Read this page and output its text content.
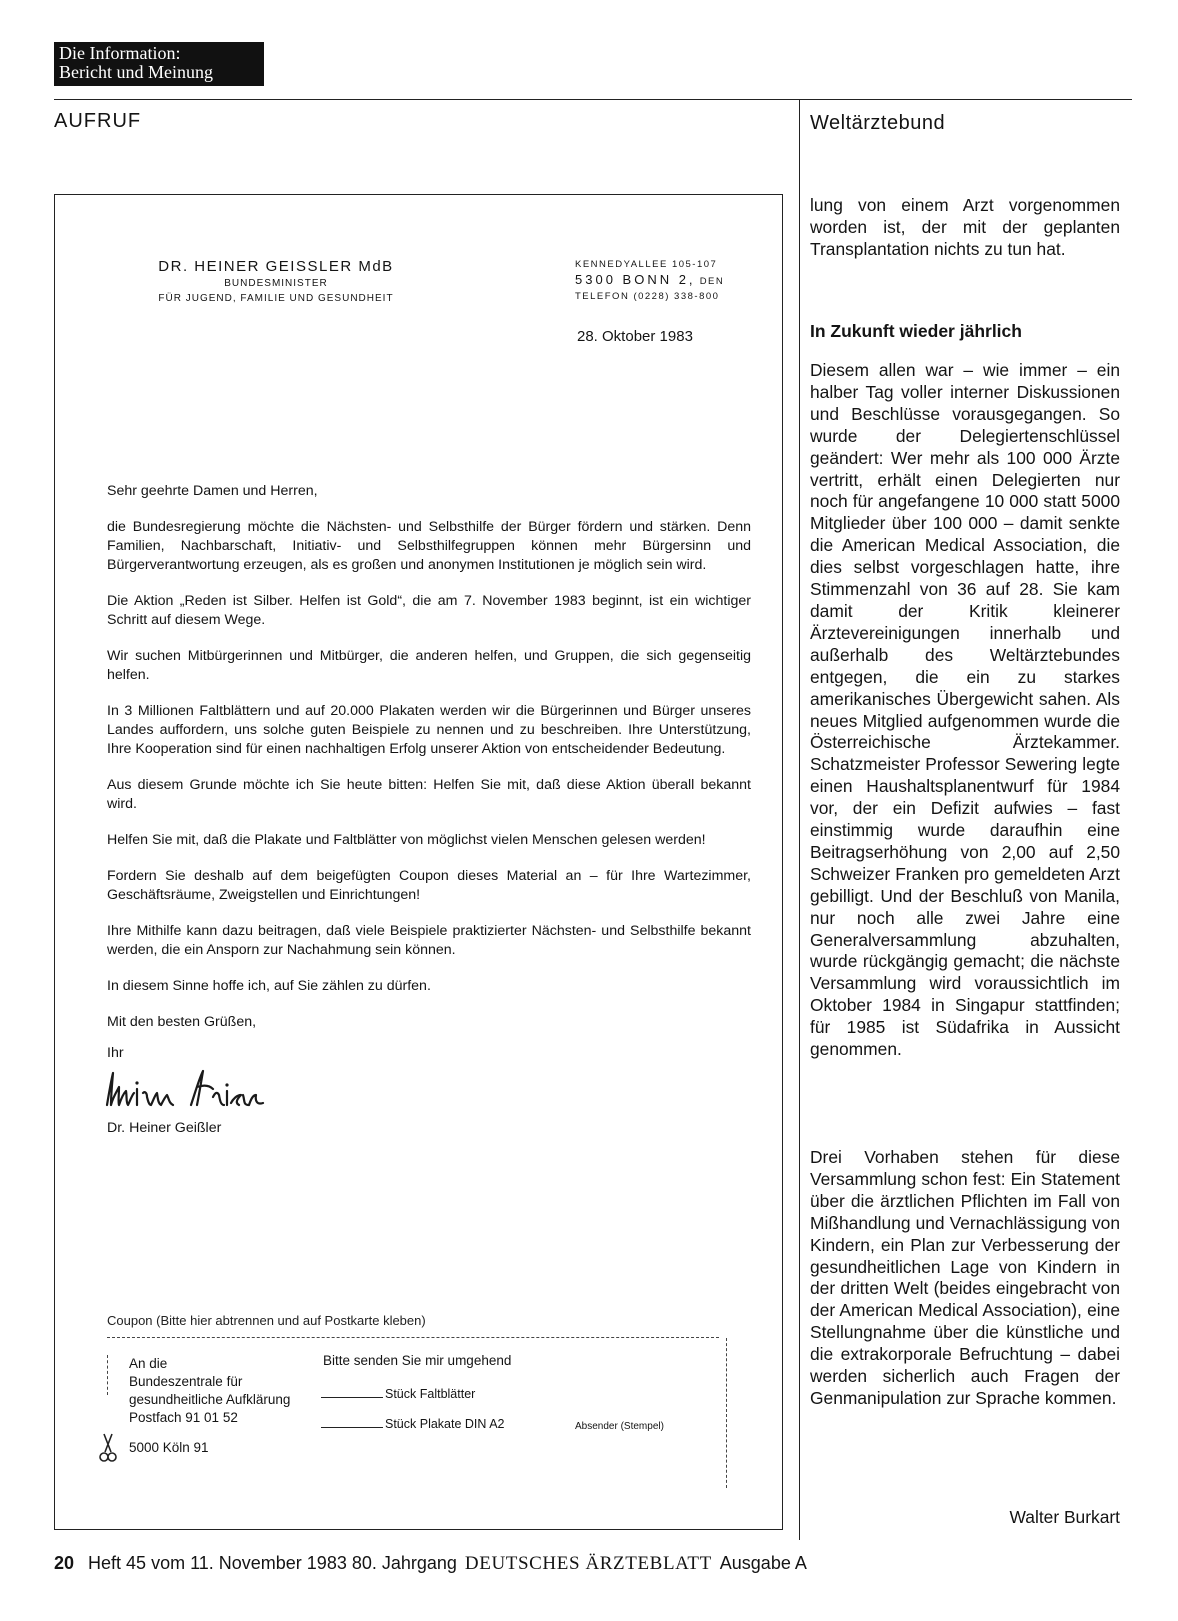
Die Information:
Bericht und Meinung
AUFRUF	Weltärztebund
DR. HEINER GEISSLER MdB
BUNDESMINISTER
FÜR JUGEND, FAMILIE UND GESUNDHEIT
KENNEDYALLEE 105-107
5300 BONN 2, DEN
TELEFON (0228) 338-800
28. Oktober 1983

Sehr geehrte Damen und Herren,

die Bundesregierung möchte die Nächsten- und Selbsthilfe der Bürger fördern und stärken. Denn Familien, Nachbarschaft, Initiativ- und Selbsthilfegruppen können mehr Bürgersinn und Bürgerverantwortung erzeugen, als es großen und anonymen Institutionen je möglich sein wird.

Die Aktion „Reden ist Silber. Helfen ist Gold“, die am 7. November 1983 beginnt, ist ein wichtiger Schritt auf diesem Wege.

Wir suchen Mitbürgerinnen und Mitbürger, die anderen helfen, und Gruppen, die sich gegenseitig helfen.

In 3 Millionen Faltblättern und auf 20.000 Plakaten werden wir die Bürgerinnen und Bürger unseres Landes auffordern, uns solche guten Beispiele zu nennen und zu beschreiben. Ihre Unterstützung, Ihre Kooperation sind für einen nachhaltigen Erfolg unserer Aktion von entscheidender Bedeutung.

Aus diesem Grunde möchte ich Sie heute bitten: Helfen Sie mit, daß diese Aktion überall bekannt wird.

Helfen Sie mit, daß die Plakate und Faltblätter von möglichst vielen Menschen gelesen werden!

Fordern Sie deshalb auf dem beigefügten Coupon dieses Material an – für Ihre Wartezimmer, Geschäftsräume, Zweigstellen und Einrichtungen!

Ihre Mithilfe kann dazu beitragen, daß viele Beispiele praktizierter Nächsten- und Selbsthilfe bekannt werden, die ein Ansporn zur Nachahmung sein können.

In diesem Sinne hoffe ich, auf Sie zählen zu dürfen.

Mit den besten Grüßen,

Ihr

Dr. Heiner Geißler

Coupon (Bitte hier abtrennen und auf Postkarte kleben)
An die
Bundeszentrale für
gesundheitliche Aufklärung
Postfach 91 01 52
5000 Köln 91
Bitte senden Sie mir umgehend
Stück Faltblätter
Stück Plakate DIN A2	Absender (Stempel)

lung von einem Arzt vorgenommen worden ist, der mit der geplanten Transplantation nichts zu tun hat.

In Zukunft wieder jährlich

Diesem allen war – wie immer – ein halber Tag voller interner Diskussionen und Beschlüsse vorausgegangen. So wurde der Delegiertenschlüssel geändert: Wer mehr als 100 000 Ärzte vertritt, erhält einen Delegierten nur noch für angefangene 10 000 statt 5000 Mitglieder über 100 000 – damit senkte die American Medical Association, die dies selbst vorgeschlagen hatte, ihre Stimmenzahl von 36 auf 28. Sie kam damit der Kritik kleinerer Ärztevereinigungen innerhalb und außerhalb des Weltärztebundes entgegen, die ein zu starkes amerikanisches Übergewicht sahen. Als neues Mitglied aufgenommen wurde die Österreichische Ärztekammer. Schatzmeister Professor Sewering legte einen Haushaltsplanentwurf für 1984 vor, der ein Defizit aufwies – fast einstimmig wurde daraufhin eine Beitragserhöhung von 2,00 auf 2,50 Schweizer Franken pro gemeldeten Arzt gebilligt. Und der Beschluß von Manila, nur noch alle zwei Jahre eine Generalversammlung abzuhalten, wurde rückgängig gemacht; die nächste Versammlung wird voraussichtlich im Oktober 1984 in Singapur stattfinden; für 1985 ist Südafrika in Aussicht genommen.

Drei Vorhaben stehen für diese Versammlung schon fest: Ein Statement über die ärztlichen Pflichten im Fall von Mißhandlung und Vernachlässigung von Kindern, ein Plan zur Verbesserung der gesundheitlichen Lage von Kindern in der dritten Welt (beides eingebracht von der American Medical Association), eine Stellungnahme über die künstliche und die extrakorporale Befruchtung – dabei werden sicherlich auch Fragen der Genmanipulation zur Sprache kommen.

Walter Burkart
20 Heft 45 vom 11. November 1983 80. Jahrgang DEUTSCHES ÄRZTEBLATT Ausgabe A
